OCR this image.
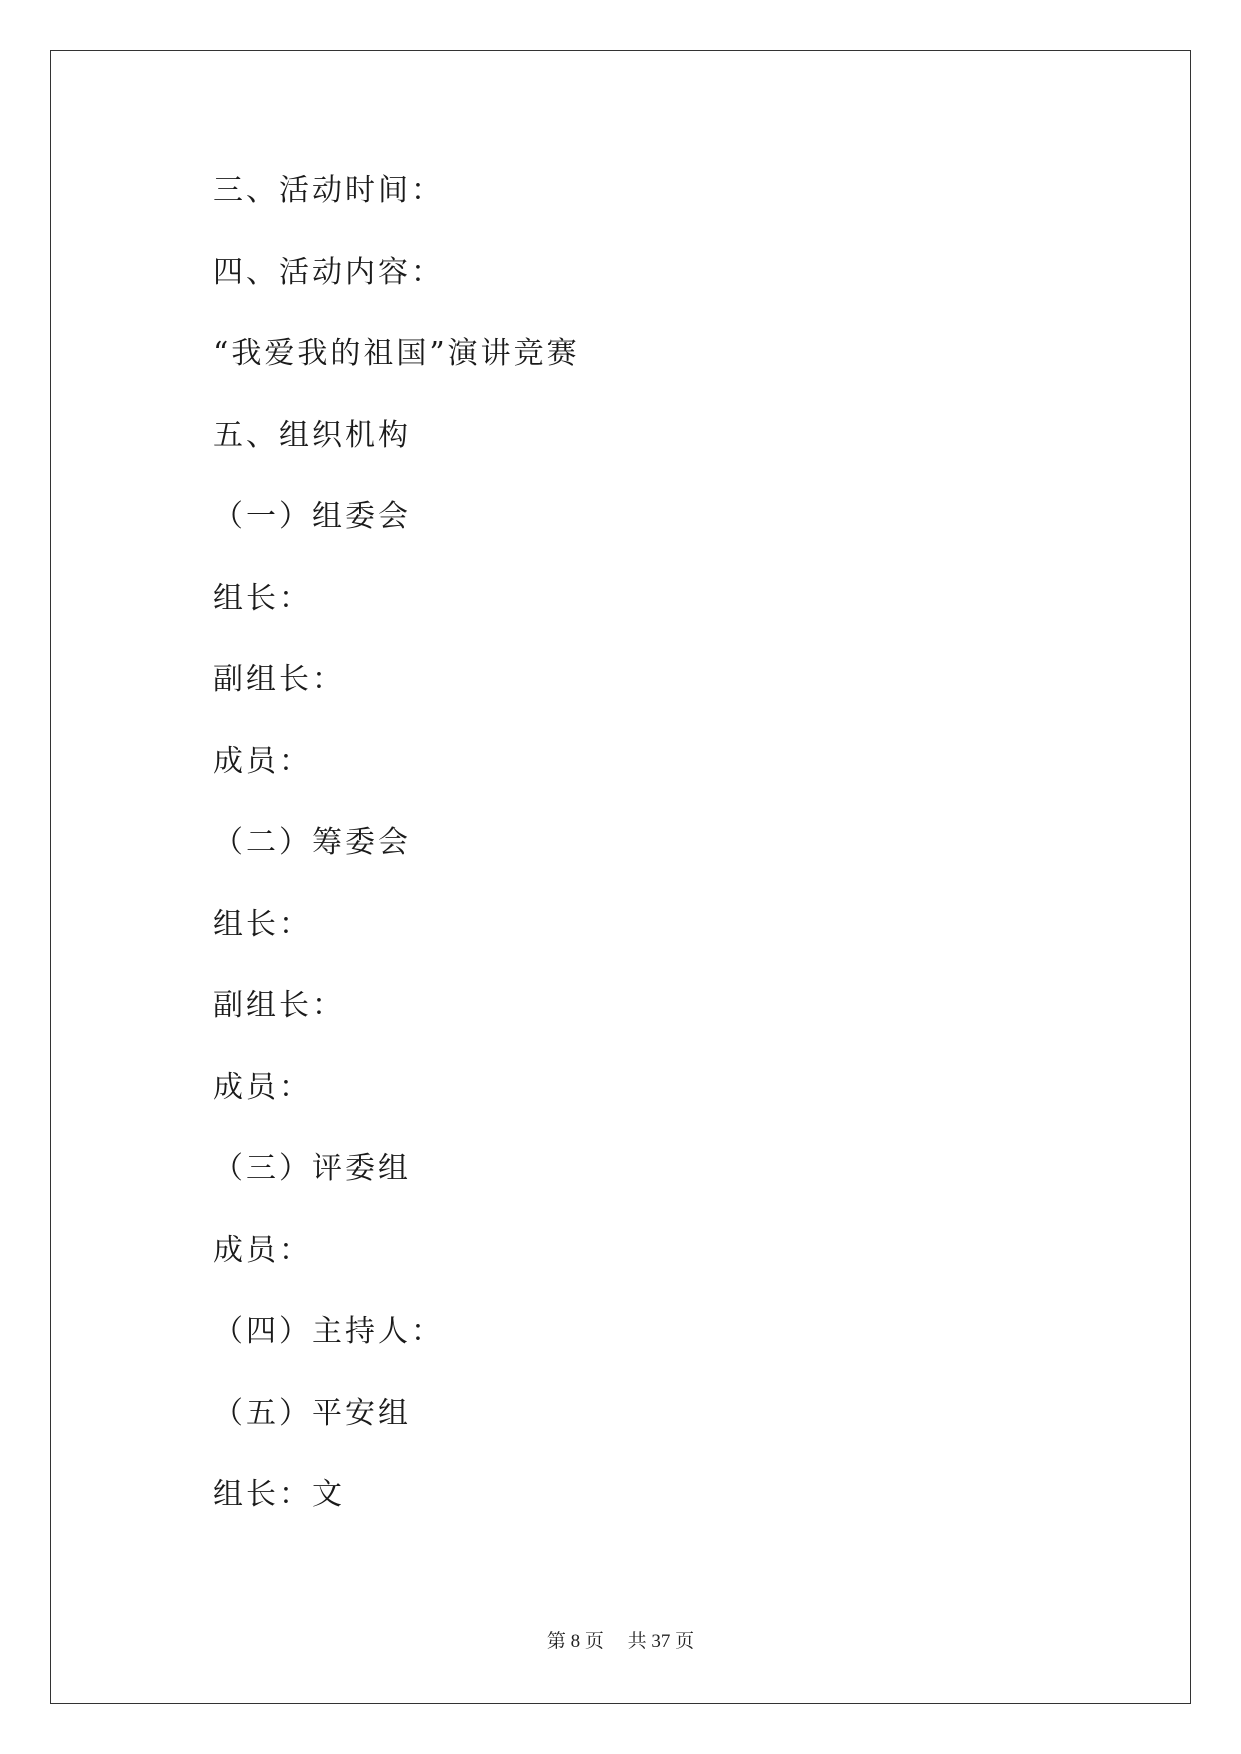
三、活动时间：
四、活动内容：
“我爱我的祖国”演讲竞赛
五、组织机构
（一）组委会
组长：
副组长：
成员：
（二）筹委会
组长：
副组长：
成员：
（三）评委组
成员：
（四）主持人：
（五）平安组
组长：文
第 8 页　 共 37 页
